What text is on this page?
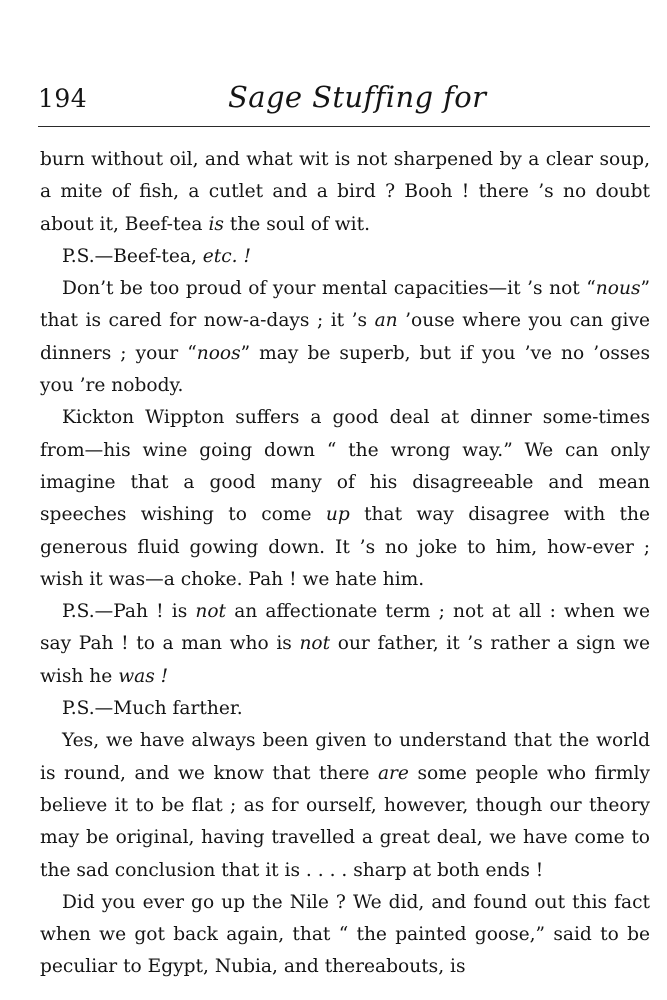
194	Sage Stuffing for

burn without oil, and what wit is not sharpened by a clear soup, a mite of fish, a cutlet and a bird ? Booh ! there ’s no doubt about it, Beef-tea is the soul of wit.

P.S.—Beef-tea, etc. !

Don’t be too proud of your mental capacities—it ’s not “nous” that is cared for now-a-days ; it ’s an ’ouse where you can give dinners ; your “noos” may be superb, but if you ’ve no ’osses you ’re nobody.

Kickton Wippton suffers a good deal at dinner some-times from—his wine going down “ the wrong way.” We can only imagine that a good many of his disagreeable and mean speeches wishing to come up that way disagree with the generous fluid gowing down. It ’s no joke to him, how-ever ; wish it was—a choke. Pah ! we hate him.

P.S.—Pah ! is not an affectionate term ; not at all : when we say Pah ! to a man who is not our father, it ’s rather a sign we wish he was !

P.S.—Much farther.

Yes, we have always been given to understand that the world is round, and we know that there are some people who firmly believe it to be flat ; as for ourself, however, though our theory may be original, having travelled a great deal, we have come to the sad conclusion that it is . . . . sharp at both ends !

Did you ever go up the Nile ? We did, and found out this fact when we got back again, that “ the painted goose,” said to be peculiar to Egypt, Nubia, and thereabouts, is
